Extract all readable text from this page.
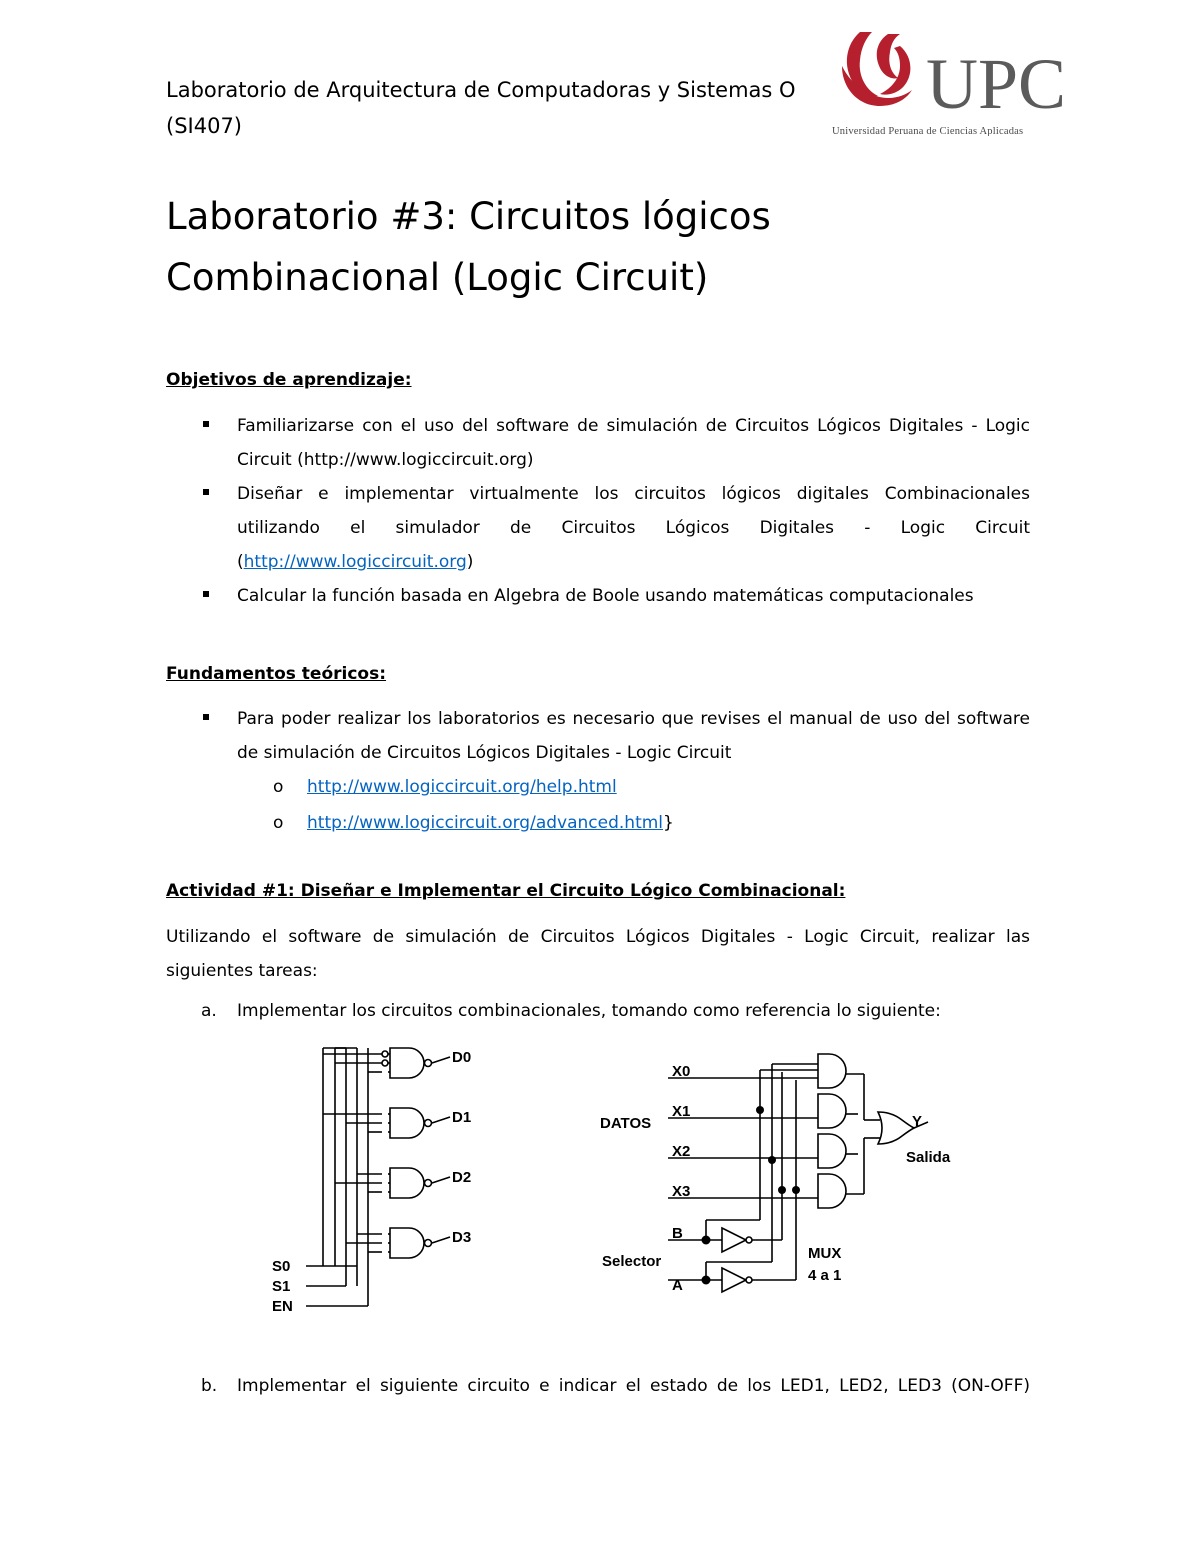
Laboratorio de Arquitectura de Computadoras y Sistemas O
(SI407)
UPC
Universidad Peruana de Ciencias Aplicadas
Laboratorio #3: Circuitos lógicos
Combinacional (Logic Circuit)
Objetivos de aprendizaje:
Familiarizarse con el uso del software de simulación de Circuitos Lógicos Digitales - Logic
Circuit (http://www.logiccircuit.org)
Diseñar e implementar virtualmente los circuitos lógicos digitales Combinacionales
utilizando el simulador de Circuitos Lógicos Digitales - Logic Circuit
(http://www.logiccircuit.org)
Calcular la función basada en Algebra de Boole usando matemáticas computacionales
Fundamentos teóricos:
Para poder realizar los laboratorios es necesario que revises el manual de uso del software
de simulación de Circuitos Lógicos Digitales - Logic Circuit
o http://www.logiccircuit.org/help.html
o http://www.logiccircuit.org/advanced.html}
Actividad #1: Diseñar e Implementar el Circuito Lógico Combinacional:
Utilizando el software de simulación de Circuitos Lógicos Digitales - Logic Circuit, realizar las
siguientes tareas:
a. Implementar los circuitos combinacionales, tomando como referencia lo siguiente:
D0
D1
D2
D3
S0
S1
EN
X0
X1
X2
X3
DATOS	Y
Salida
B
A
Selector	MUX
4 a 1
b. Implementar el siguiente circuito e indicar el estado de los LED1, LED2, LED3 (ON-OFF)
